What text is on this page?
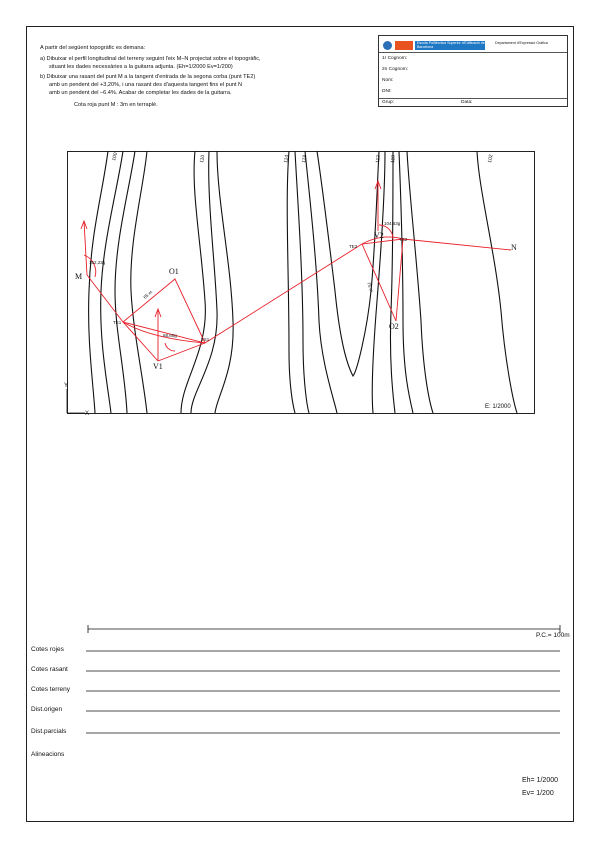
A partir del següent topogràfic es demana:

a) Dibuixar el perfil longitudinal del terreny seguint l'eix M–N projectat sobre el topogràfic,
situant les dades necessàries a la guitarra adjunta. (Eh=1/2000 Ev=1/200)
b) Dibuixar una rasant del punt M a la tangent d'entrada de la segona corba (punt TE2)
amb un pendent del +3,20%, i una rasant des d'aquesta tangent fins el punt N
amb un pendent del –6.4%. Acabar de completar les dades de la guitarra.
Cota roja punt M : 3m en terraplè.
Escola Politècnica Superior d'Edificació de Barcelona
Departament d'Expressió Gràfica
1r Cognom:
2n Cognom:
Nom:
DNI:
Grup:	Data:
100	110	114 118	112 110	102
M
N
O1
O2
V1
V2
TE1
TS1
TE2
TS2
152,23g
68,60g
104,63g
65 m
75 m
E: 1/2000
Y
X
P.C.= 100m
Cotes rojes
Cotes rasant
Cotes terreny
Dist.origen
Dist.parcials
Alineacions
Eh= 1/2000
Ev= 1/200
